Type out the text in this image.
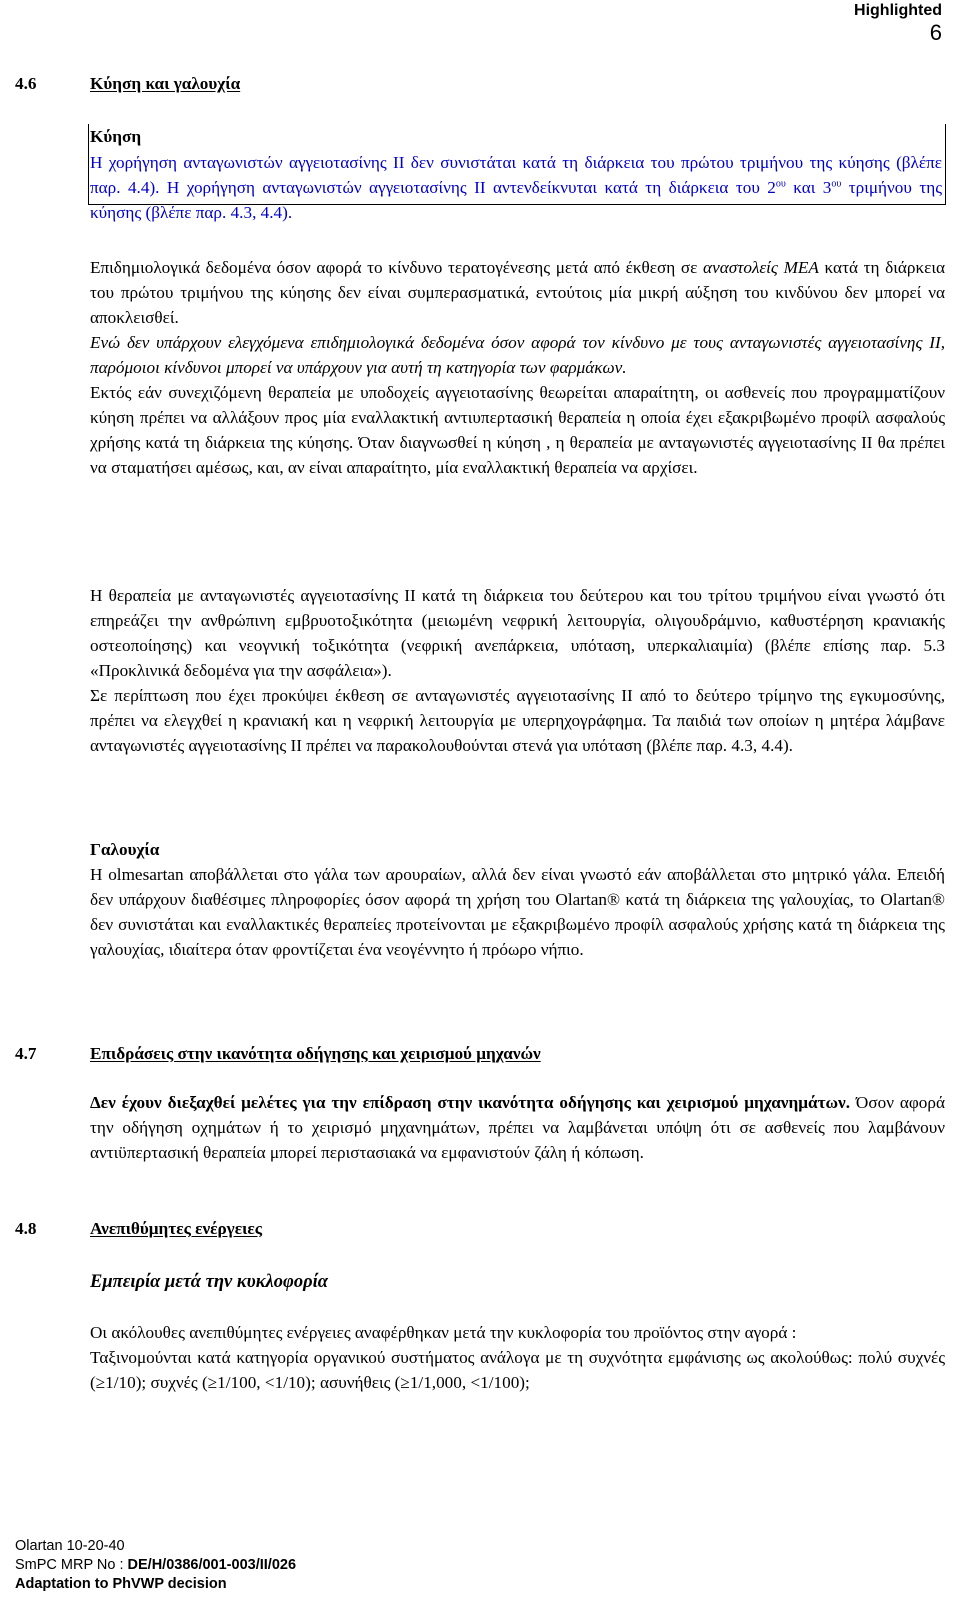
Highlighted
6
4.6	Κύηση και γαλουχία
Κύηση

Η χορήγηση ανταγωνιστών αγγειοτασίνης ΙΙ δεν συνιστάται κατά τη διάρκεια του πρώτου τριμήνου της κύησης (βλέπε παρ. 4.4). Η χορήγηση ανταγωνιστών αγγειοτασίνης ΙΙ αντενδείκνυται κατά τη διάρκεια του $2^{o\upsilon}$ και $3^{o\upsilon}$ τριμήνου της κύησης (βλέπε παρ. 4.3, 4.4).

Επιδημιολογικά δεδομένα όσον αφορά το κίνδυνο τερατογένεσης μετά από έκθεση σε αναστολείς ΜΕΑ κατά τη διάρκεια του πρώτου τριμήνου της κύησης δεν είναι συμπερασματικά, εντούτοις μία μικρή αύξηση του κινδύνου δεν μπορεί να αποκλεισθεί.

Ενώ δεν υπάρχουν ελεγχόμενα επιδημιολογικά δεδομένα όσον αφορά τον κίνδυνο με τους ανταγωνιστές αγγειοτασίνης ΙΙ, παρόμοιοι κίνδυνοι μπορεί να υπάρχουν για αυτή τη κατηγορία των φαρμάκων.

Εκτός εάν συνεχιζόμενη θεραπεία με υποδοχείς αγγειοτασίνης θεωρείται απαραίτητη, οι ασθενείς που προγραμματίζουν κύηση πρέπει να αλλάξουν προς μία εναλλακτική αντιυπερτασική θεραπεία η οποία έχει εξακριβωμένο προφίλ ασφαλούς χρήσης κατά τη διάρκεια της κύησης. Όταν διαγνωσθεί η κύηση , η θεραπεία με ανταγωνιστές αγγειοτασίνης ΙΙ θα πρέπει να σταματήσει αμέσως, και, αν είναι απαραίτητο, μία εναλλακτική θεραπεία να αρχίσει.

Η θεραπεία με ανταγωνιστές αγγειοτασίνης ΙΙ κατά τη διάρκεια του δεύτερου και του τρίτου τριμήνου είναι γνωστό ότι επηρεάζει την ανθρώπινη εμβρυοτοξικότητα (μειωμένη νεφρική λειτουργία, ολιγουδράμνιο, καθυστέρηση κρανιακής οστεοποίησης) και νεογνική τοξικότητα (νεφρική ανεπάρκεια, υπόταση, υπερκαλιαιμία) (βλέπε επίσης παρ. 5.3 «Προκλινικά δεδομένα για την ασφάλεια»).

Σε περίπτωση που έχει προκύψει έκθεση σε ανταγωνιστές αγγειοτασίνης ΙΙ από το δεύτερο τρίμηνο της εγκυμοσύνης, πρέπει να ελεγχθεί η κρανιακή και η νεφρική λειτουργία με υπερηχογράφημα. Τα παιδιά των οποίων η μητέρα λάμβανε ανταγωνιστές αγγειοτασίνης ΙΙ πρέπει να παρακολουθούνται στενά για υπόταση (βλέπε παρ. 4.3, 4.4).

Γαλουχία

Η olmesartan αποβάλλεται στο γάλα των αρουραίων, αλλά δεν είναι γνωστό εάν αποβάλλεται στο μητρικό γάλα. Επειδή δεν υπάρχουν διαθέσιμες πληροφορίες όσον αφορά τη χρήση του Olartan® κατά τη διάρκεια της γαλουχίας, το Olartan® δεν συνιστάται και εναλλακτικές θεραπείες προτείνονται με εξακριβωμένο προφίλ ασφαλούς χρήσης κατά τη διάρκεια της γαλουχίας, ιδιαίτερα όταν φροντίζεται ένα νεογέννητο ή πρόωρο νήπιο.

4.7	Επιδράσεις στην ικανότητα οδήγησης και χειρισμού μηχανών

Δεν έχουν διεξαχθεί μελέτες για την επίδραση στην ικανότητα οδήγησης και χειρισμού μηχανημάτων. Όσον αφορά την οδήγηση οχημάτων ή το χειρισμό μηχανημάτων, πρέπει να λαμβάνεται υπόψη ότι σε ασθενείς που λαμβάνουν αντιϋπερτασική θεραπεία μπορεί περιστασιακά να εμφανιστούν ζάλη ή κόπωση.

4.8	Ανεπιθύμητες ενέργειες
Εμπειρία μετά την κυκλοφορία

Οι ακόλουθες ανεπιθύμητες ενέργειες αναφέρθηκαν μετά την κυκλοφορία του προϊόντος στην αγορά :

Ταξινομούνται κατά κατηγορία οργανικού συστήματος ανάλογα με τη συχνότητα εμφάνισης ως ακολούθως: πολύ συχνές (≥1/10); συχνές (≥1/100, <1/10); ασυνήθεις (≥1/1,000, <1/100);

Olartan 10-20-40
SmPC MRP No : DE/H/0386/001-003/II/026
Adaptation to PhVWP decision
